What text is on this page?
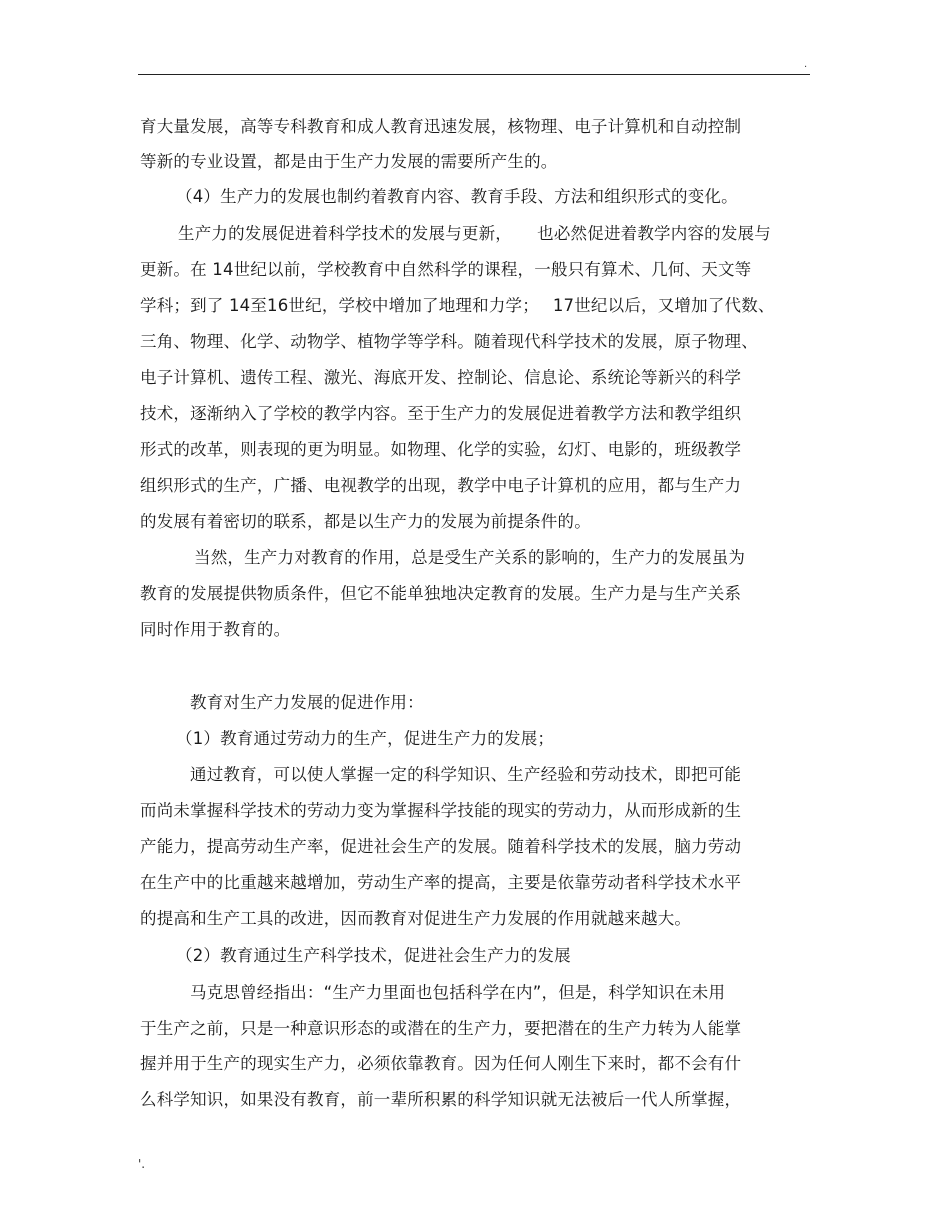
.
育大量发展，高等专科教育和成人教育迅速发展，核物理、电子计算机和自动控制
等新的专业设置，都是由于生产力发展的需要所产生的。
（4）生产力的发展也制约着教育内容、教育手段、方法和组织形式的变化。
生产力的发展促进着科学技术的发展与更新，　　也必然促进着教学内容的发展与
更新。在 14世纪以前，学校教育中自然科学的课程，一般只有算术、几何、天文等
学科；到了 14至16世纪，学校中增加了地理和力学；　 17世纪以后，又增加了代数、
三角、物理、化学、动物学、植物学等学科。随着现代科学技术的发展，原子物理、
电子计算机、遗传工程、激光、海底开发、控制论、信息论、系统论等新兴的科学
技术，逐渐纳入了学校的教学内容。至于生产力的发展促进着教学方法和教学组织
形式的改革，则表现的更为明显。如物理、化学的实验，幻灯、电影的，班级教学
组织形式的生产，广播、电视教学的出现，教学中电子计算机的应用，都与生产力
的发展有着密切的联系，都是以生产力的发展为前提条件的。
当然，生产力对教育的作用，总是受生产关系的影响的，生产力的发展虽为
教育的发展提供物质条件，但它不能单独地决定教育的发展。生产力是与生产关系
同时作用于教育的。
教育对生产力发展的促进作用：
（1）教育通过劳动力的生产，促进生产力的发展；
通过教育，可以使人掌握一定的科学知识、生产经验和劳动技术，即把可能
而尚未掌握科学技术的劳动力变为掌握科学技能的现实的劳动力，从而形成新的生
产能力，提高劳动生产率，促进社会生产的发展。随着科学技术的发展，脑力劳动
在生产中的比重越来越增加，劳动生产率的提高，主要是依靠劳动者科学技术水平
的提高和生产工具的改进，因而教育对促进生产力发展的作用就越来越大。
（2）教育通过生产科学技术，促进社会生产力的发展
马克思曾经指出：“生产力里面也包括科学在内”，但是，科学知识在未用
于生产之前，只是一种意识形态的或潜在的生产力，要把潜在的生产力转为人能掌
握并用于生产的现实生产力，必须依靠教育。因为任何人刚生下来时，都不会有什
么科学知识，如果没有教育，前一辈所积累的科学知识就无法被后一代人所掌握，
'.
